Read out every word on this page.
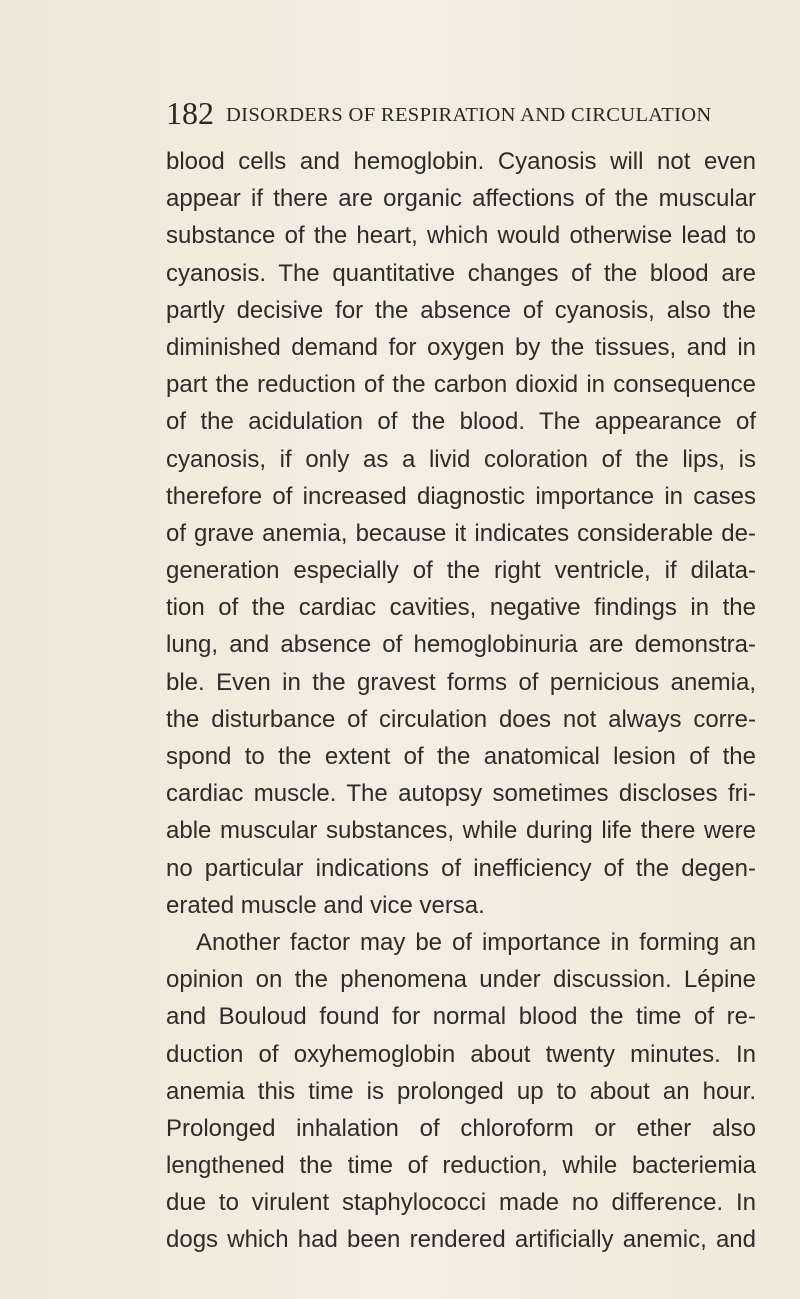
182 DISORDERS OF RESPIRATION AND CIRCULATION
blood cells and hemoglobin. Cyanosis will not even
appear if there are organic affections of the muscular
substance of the heart, which would otherwise lead to
cyanosis. The quantitative changes of the blood are
partly decisive for the absence of cyanosis, also the
diminished demand for oxygen by the tissues, and in
part the reduction of the carbon dioxid in consequence
of the acidulation of the blood. The appearance of
cyanosis, if only as a livid coloration of the lips, is
therefore of increased diagnostic importance in cases
of grave anemia, because it indicates considerable de-
generation especially of the right ventricle, if dilata-
tion of the cardiac cavities, negative findings in the
lung, and absence of hemoglobinuria are demonstra-
ble. Even in the gravest forms of pernicious anemia,
the disturbance of circulation does not always corre-
spond to the extent of the anatomical lesion of the
cardiac muscle. The autopsy sometimes discloses fri-
able muscular substances, while during life there were
no particular indications of inefficiency of the degen-
erated muscle and vice versa.
Another factor may be of importance in forming an
opinion on the phenomena under discussion. Lépine
and Bouloud found for normal blood the time of re-
duction of oxyhemoglobin about twenty minutes. In
anemia this time is prolonged up to about an hour.
Prolonged inhalation of chloroform or ether also
lengthened the time of reduction, while bacteriemia
due to virulent staphylococci made no difference. In
dogs which had been rendered artificially anemic, and
